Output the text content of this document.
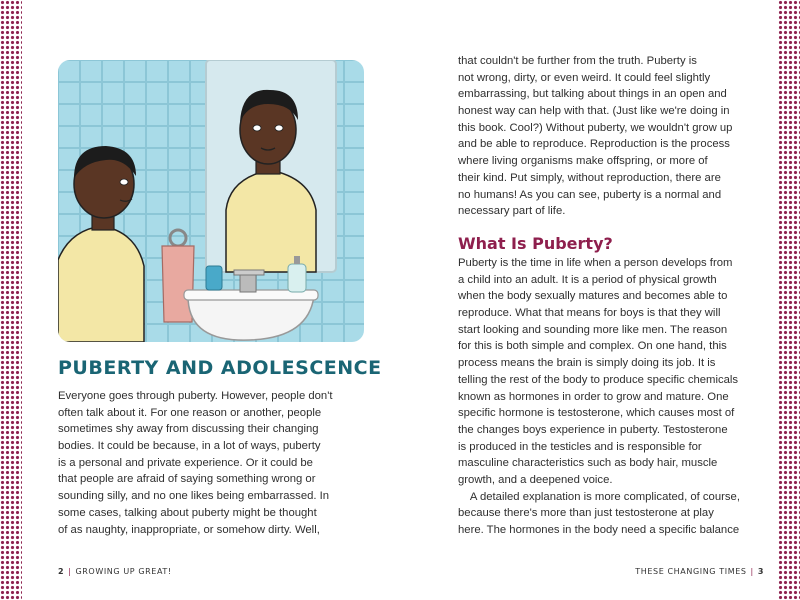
PUBERTY AND ADOLESCENCE
Everyone goes through puberty. However, people don't
often talk about it. For one reason or another, people
sometimes shy away from discussing their changing
bodies. It could be because, in a lot of ways, puberty
is a personal and private experience. Or it could be
that people are afraid of saying something wrong or
sounding silly, and no one likes being embarrassed. In
some cases, talking about puberty might be thought
of as naughty, inappropriate, or somehow dirty. Well,
2 | GROWING UP GREAT!
that couldn't be further from the truth. Puberty is
not wrong, dirty, or even weird. It could feel slightly
embarrassing, but talking about things in an open and
honest way can help with that. (Just like we're doing in
this book. Cool?) Without puberty, we wouldn't grow up
and be able to reproduce. Reproduction is the process
where living organisms make offspring, or more of
their kind. Put simply, without reproduction, there are
no humans! As you can see, puberty is a normal and
necessary part of life.
What Is Puberty?
Puberty is the time in life when a person develops from
a child into an adult. It is a period of physical growth
when the body sexually matures and becomes able to
reproduce. What that means for boys is that they will
start looking and sounding more like men. The reason
for this is both simple and complex. On one hand, this
process means the brain is simply doing its job. It is
telling the rest of the body to produce specific chemicals
known as hormones in order to grow and mature. One
specific hormone is testosterone, which causes most of
the changes boys experience in puberty. Testosterone
is produced in the testicles and is responsible for
masculine characteristics such as body hair, muscle
growth, and a deepened voice.
A detailed explanation is more complicated, of course,
because there's more than just testosterone at play
here. The hormones in the body need a specific balance
THESE CHANGING TIMES | 3
